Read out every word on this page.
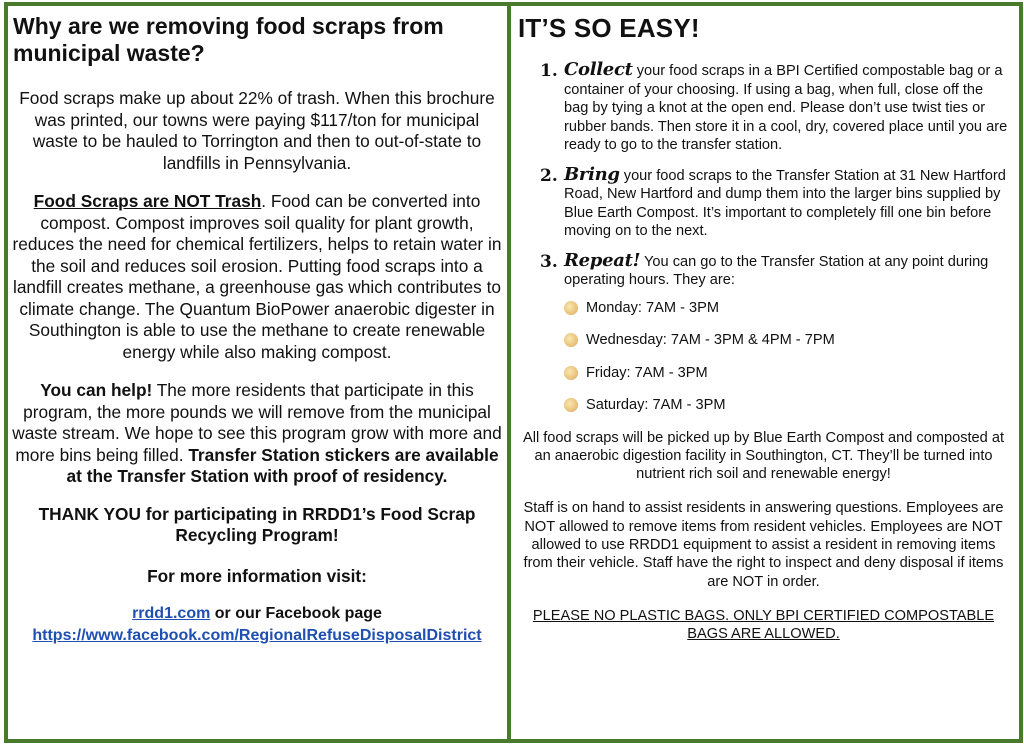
Why are we removing food scraps from municipal waste?

Food scraps make up about 22% of trash. When this brochure was printed, our towns were paying $117/ton for municipal waste to be hauled to Torrington and then to out-of-state to landfills in Pennsylvania.

Food Scraps are NOT Trash. Food can be converted into compost. Compost improves soil quality for plant growth, reduces the need for chemical fertilizers, helps to retain water in the soil and reduces soil erosion. Putting food scraps into a landfill creates methane, a greenhouse gas which contributes to climate change. The Quantum BioPower anaerobic digester in Southington is able to use the methane to create renewable energy while also making compost.

You can help! The more residents that participate in this program, the more pounds we will remove from the municipal waste stream. We hope to see this program grow with more and more bins being filled. Transfer Station stickers are available at the Transfer Station with proof of residency.

THANK YOU for participating in RRDD1’s Food Scrap Recycling Program!

For more information visit:

rrdd1.com or our Facebook page
https://www.facebook.com/RegionalRefuseDisposalDistrict
IT’S SO EASY!
1. Collect your food scraps in a BPI Certified compostable bag or a container of your choosing. If using a bag, when full, close off the bag by tying a knot at the open end. Please don’t use twist ties or rubber bands. Then store it in a cool, dry, covered place until you are ready to go to the transfer station.
2. Bring your food scraps to the Transfer Station at 31 New Hartford Road, New Hartford and dump them into the larger bins supplied by Blue Earth Compost. It’s important to completely fill one bin before moving on to the next.
3. Repeat! You can go to the Transfer Station at any point during operating hours. They are:
Monday: 7AM - 3PM
Wednesday: 7AM - 3PM & 4PM - 7PM
Friday: 7AM - 3PM
Saturday: 7AM - 3PM

All food scraps will be picked up by Blue Earth Compost and composted at an anaerobic digestion facility in Southington, CT. They’ll be turned into nutrient rich soil and renewable energy!

Staff is on hand to assist residents in answering questions. Employees are NOT allowed to remove items from resident vehicles. Employees are NOT allowed to use RRDD1 equipment to assist a resident in removing items from their vehicle. Staff have the right to inspect and deny disposal if items are NOT in order.

PLEASE NO PLASTIC BAGS. ONLY BPI CERTIFIED COMPOSTABLE BAGS ARE ALLOWED.
